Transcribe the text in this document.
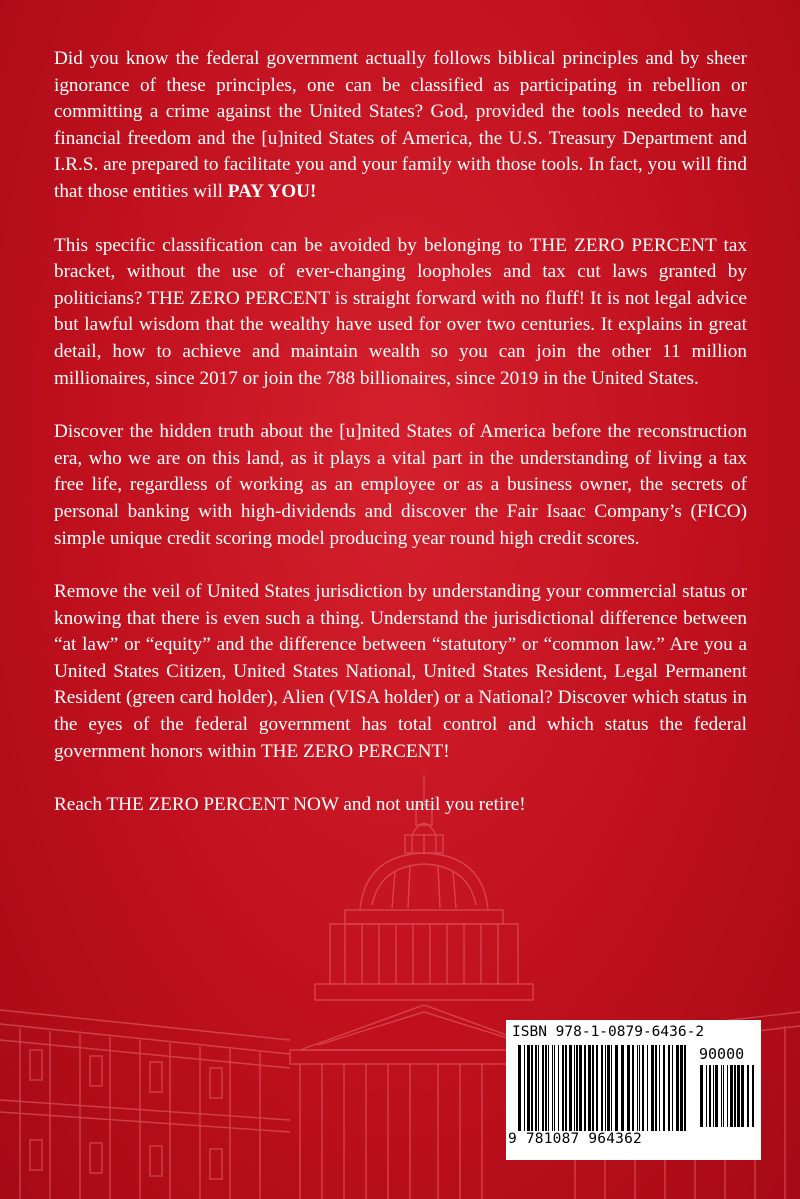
Did you know the federal government actually follows biblical principles and by sheer ignorance of these principles, one can be classified as participating in rebellion or committing a crime against the United States? God, provided the tools needed to have financial freedom and the [u]nited States of America, the U.S. Treasury Department and I.R.S. are prepared to facilitate you and your family with those tools. In fact, you will find that those entities will PAY YOU!

This specific classification can be avoided by belonging to THE ZERO PERCENT tax bracket, without the use of ever-changing loopholes and tax cut laws granted by politicians? THE ZERO PERCENT is straight forward with no fluff! It is not legal advice but lawful wisdom that the wealthy have used for over two centuries. It explains in great detail, how to achieve and maintain wealth so you can join the other 11 million millionaires, since 2017 or join the 788 billionaires, since 2019 in the United States.

Discover the hidden truth about the [u]nited States of America before the reconstruction era, who we are on this land, as it plays a vital part in the understanding of living a tax free life, regardless of working as an employee or as a business owner, the secrets of personal banking with high-dividends and discover the Fair Isaac Company’s (FICO) simple unique credit scoring model producing year round high credit scores.

Remove the veil of United States jurisdiction by understanding your commercial status or knowing that there is even such a thing. Understand the jurisdictional difference between “at law” or “equity” and the difference between “statutory” or “common law.” Are you a United States Citizen, United States National, United States Resident, Legal Permanent Resident (green card holder), Alien (VISA holder) or a National? Discover which status in the eyes of the federal government has total control and which status the federal government honors within THE ZERO PERCENT!

Reach THE ZERO PERCENT NOW and not until you retire!

ISBN 978-1-0879-6436-2
90000
9 781087 964362
